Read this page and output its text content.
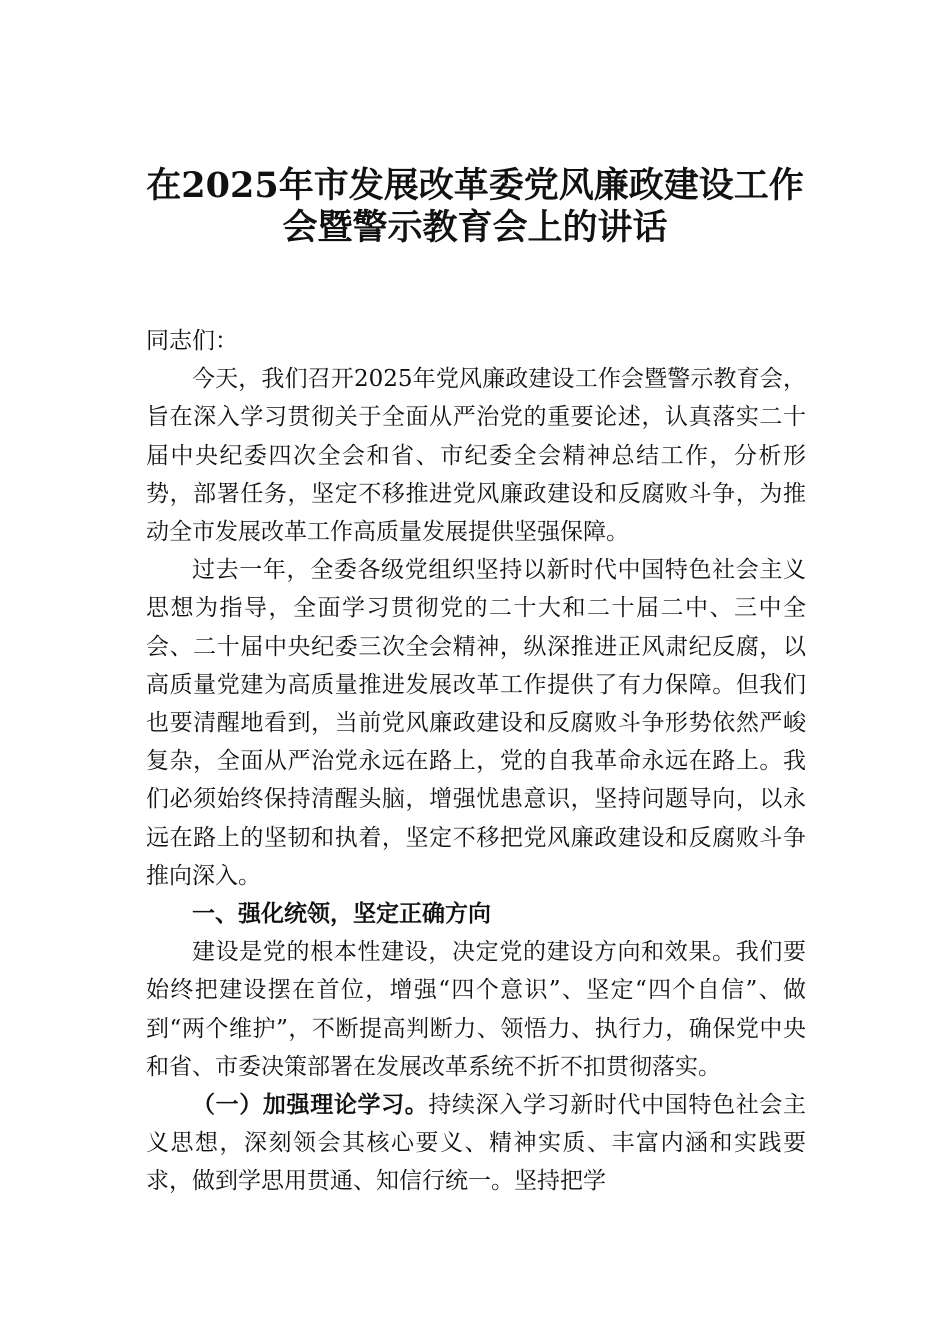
在2025年市发展改革委党风廉政建设工作
会暨警示教育会上的讲话

同志们：

今天，我们召开2025年党风廉政建设工作会暨警示教育会，旨在深入学习贯彻关于全面从严治党的重要论述，认真落实二十届中央纪委四次全会和省、市纪委全会精神总结工作，分析形势，部署任务，坚定不移推进党风廉政建设和反腐败斗争，为推动全市发展改革工作高质量发展提供坚强保障。

过去一年，全委各级党组织坚持以新时代中国特色社会主义思想为指导，全面学习贯彻党的二十大和二十届二中、三中全会、二十届中央纪委三次全会精神，纵深推进正风肃纪反腐，以高质量党建为高质量推进发展改革工作提供了有力保障。但我们也要清醒地看到，当前党风廉政建设和反腐败斗争形势依然严峻复杂，全面从严治党永远在路上，党的自我革命永远在路上。我们必须始终保持清醒头脑，增强忧患意识，坚持问题导向，以永远在路上的坚韧和执着，坚定不移把党风廉政建设和反腐败斗争推向深入。

一、强化统领，坚定正确方向

建设是党的根本性建设，决定党的建设方向和效果。我们要始终把建设摆在首位，增强“四个意识”、坚定“四个自信”、做到“两个维护”，不断提高判断力、领悟力、执行力，确保党中央和省、市委决策部署在发展改革系统不折不扣贯彻落实。

（一）加强理论学习。持续深入学习新时代中国特色社会主义思想，深刻领会其核心要义、精神实质、丰富内涵和实践要求，做到学思用贯通、知信行统一。坚持把学
